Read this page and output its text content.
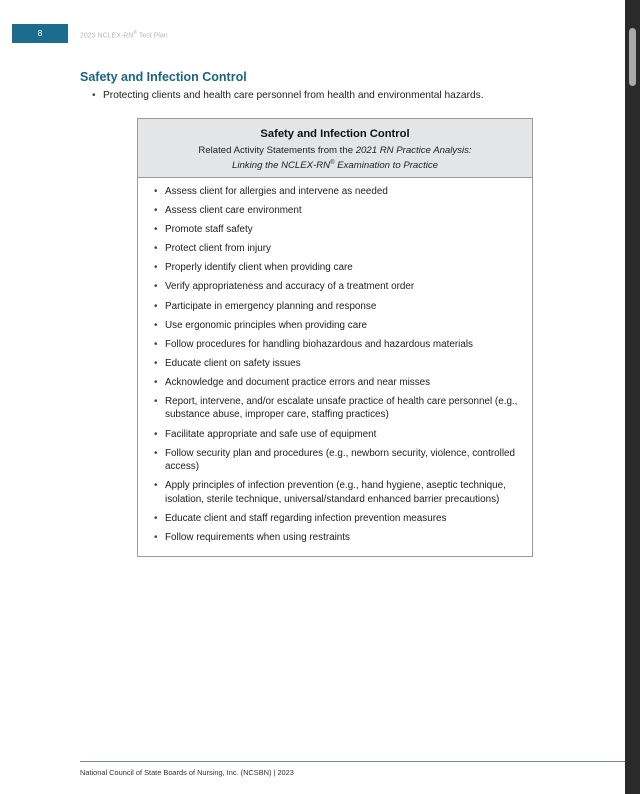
8	2023 NCLEX-RN® Test Plan
Safety and Infection Control
• Protecting clients and health care personnel from health and environmental hazards.
Safety and Infection Control
Related Activity Statements from the 2021 RN Practice Analysis:
Linking the NCLEX-RN® Examination to Practice
• Assess client for allergies and intervene as needed
• Assess client care environment
• Promote staff safety
• Protect client from injury
• Properly identify client when providing care
• Verify appropriateness and accuracy of a treatment order
• Participate in emergency planning and response
• Use ergonomic principles when providing care
• Follow procedures for handling biohazardous and hazardous materials
• Educate client on safety issues
• Acknowledge and document practice errors and near misses
• Report, intervene, and/or escalate unsafe practice of health care personnel (e.g., substance abuse, improper care, staffing practices)
• Facilitate appropriate and safe use of equipment
• Follow security plan and procedures (e.g., newborn security, violence, controlled access)
• Apply principles of infection prevention (e.g., hand hygiene, aseptic technique, isolation, sterile technique, universal/standard enhanced barrier precautions)
• Educate client and staff regarding infection prevention measures
• Follow requirements when using restraints
National Council of State Boards of Nursing, Inc. (NCSBN) | 2023
